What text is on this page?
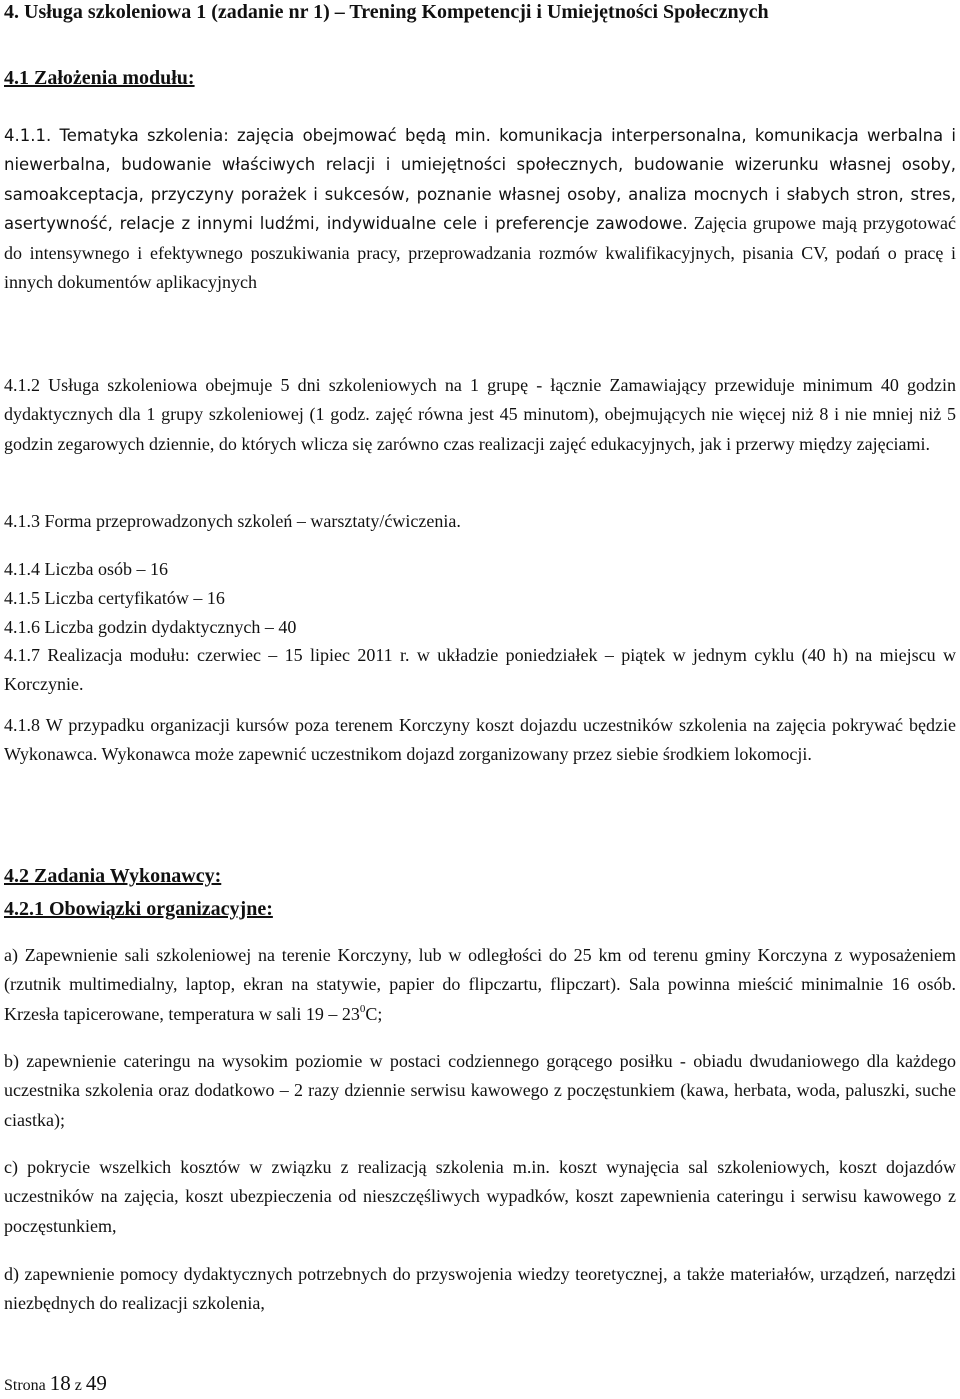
4. Usługa szkoleniowa 1 (zadanie nr 1) – Trening Kompetencji i Umiejętności Społecznych
4.1 Założenia modułu:
4.1.1. Tematyka szkolenia: zajęcia obejmować będą min. komunikacja interpersonalna, komunikacja werbalna i niewerbalna, budowanie właściwych relacji i umiejętności społecznych, budowanie wizerunku własnej osoby, samoakceptacja, przyczyny porażek i sukcesów, poznanie własnej osoby, analiza mocnych i słabych stron, stres, asertywność, relacje z innymi ludźmi, indywidualne cele i preferencje zawodowe. Zajęcia grupowe mają przygotować do intensywnego i efektywnego poszukiwania pracy, przeprowadzania rozmów kwalifikacyjnych, pisania CV, podań o pracę i innych dokumentów aplikacyjnych
4.1.2 Usługa szkoleniowa obejmuje 5 dni szkoleniowych na 1 grupę - łącznie Zamawiający przewiduje minimum 40 godzin dydaktycznych dla 1 grupy szkoleniowej (1 godz. zajęć równa jest 45 minutom), obejmujących nie więcej niż 8 i nie mniej niż 5 godzin zegarowych dziennie, do których wlicza się zarówno czas realizacji zajęć edukacyjnych, jak i przerwy między zajęciami.
4.1.3 Forma przeprowadzonych szkoleń – warsztaty/ćwiczenia.
4.1.4 Liczba osób – 16
4.1.5 Liczba certyfikatów – 16
4.1.6 Liczba godzin dydaktycznych – 40
4.1.7 Realizacja modułu: czerwiec – 15 lipiec 2011 r. w układzie poniedziałek – piątek w jednym cyklu (40 h) na miejscu w Korczynie.
4.1.8 W przypadku organizacji kursów poza terenem Korczyny koszt dojazdu uczestników szkolenia na zajęcia pokrywać będzie Wykonawca. Wykonawca może zapewnić uczestnikom dojazd zorganizowany przez siebie środkiem lokomocji.
4.2 Zadania Wykonawcy:
4.2.1 Obowiązki organizacyjne:
a) Zapewnienie sali szkoleniowej na terenie Korczyny, lub w odległości do 25 km od terenu gminy Korczyna z wyposażeniem (rzutnik multimedialny, laptop, ekran na statywie, papier do flipczartu, flipczart). Sala powinna mieścić minimalnie 16 osób. Krzesła tapicerowane, temperatura w sali $19 - 23^0C$;
b) zapewnienie cateringu na wysokim poziomie w postaci codziennego gorącego posiłku - obiadu dwudaniowego dla każdego uczestnika szkolenia oraz dodatkowo – 2 razy dziennie serwisu kawowego z poczęstunkiem (kawa, herbata, woda, paluszki, suche ciastka);
c) pokrycie wszelkich kosztów w związku z realizacją szkolenia m.in. koszt wynajęcia sal szkoleniowych, koszt dojazdów uczestników na zajęcia, koszt ubezpieczenia od nieszczęśliwych wypadków, koszt zapewnienia cateringu i serwisu kawowego z poczęstunkiem,
d) zapewnienie pomocy dydaktycznych potrzebnych do przyswojenia wiedzy teoretycznej, a także materiałów, urządzeń, narzędzi niezbędnych do realizacji szkolenia,
Strona 18 z 49
